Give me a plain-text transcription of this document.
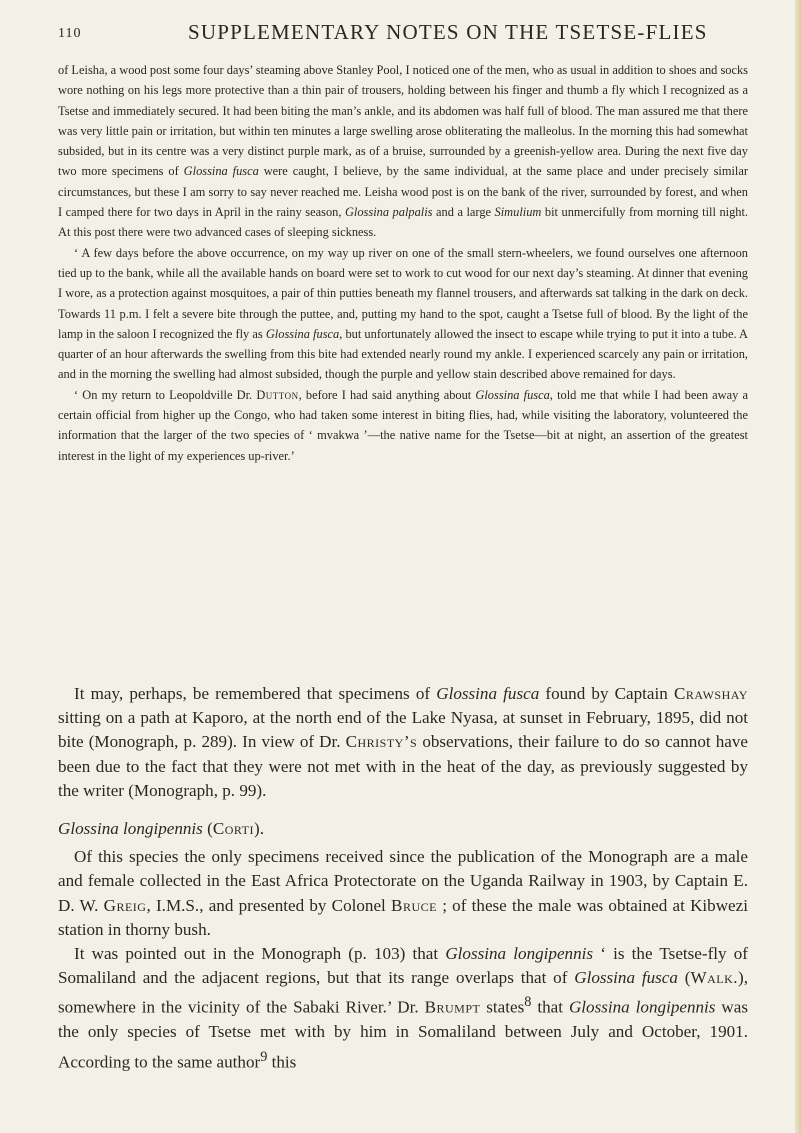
110	SUPPLEMENTARY NOTES ON THE TSETSE-FLIES

of Leisha, a wood post some four days’ steaming above Stanley Pool, I noticed one of the men, who as usual in addition to shoes and socks wore nothing on his legs more protective than a thin pair of trousers, holding between his finger and thumb a fly which I recognized as a Tsetse and immediately secured. It had been biting the man’s ankle, and its abdomen was half full of blood. The man assured me that there was very little pain or irritation, but within ten minutes a large swelling arose obliterating the malleolus. In the morning this had somewhat subsided, but in its centre was a very distinct purple mark, as of a bruise, surrounded by a greenish-yellow area. During the next five day two more specimens of Glossina fusca were caught, I believe, by the same individual, at the same place and under precisely similar circumstances, but these I am sorry to say never reached me. Leisha wood post is on the bank of the river, surrounded by forest, and when I camped there for two days in April in the rainy season, Glossina palpalis and a large Simulium bit unmercifully from morning till night. At this post there were two advanced cases of sleeping sickness.

‘ A few days before the above occurrence, on my way up river on one of the small stern-wheelers, we found ourselves one afternoon tied up to the bank, while all the available hands on board were set to work to cut wood for our next day’s steaming. At dinner that evening I wore, as a protection against mosquitoes, a pair of thin putties beneath my flannel trousers, and afterwards sat talking in the dark on deck. Towards 11 p.m. I felt a severe bite through the puttee, and, putting my hand to the spot, caught a Tsetse full of blood. By the light of the lamp in the saloon I recognized the fly as Glossina fusca, but unfortunately allowed the insect to escape while trying to put it into a tube. A quarter of an hour afterwards the swelling from this bite had extended nearly round my ankle. I experienced scarcely any pain or irritation, and in the morning the swelling had almost subsided, though the purple and yellow stain described above remained for days.

‘ On my return to Leopoldville Dr. Dutton, before I had said anything about Glossina fusca, told me that while I had been away a certain official from higher up the Congo, who had taken some interest in biting flies, had, while visiting the laboratory, volunteered the information that the larger of the two species of ‘ mvakwa ’—the native name for the Tsetse—bit at night, an assertion of the greatest interest in the light of my experiences up-river.’

It may, perhaps, be remembered that specimens of Glossina fusca found by Captain Crawshay sitting on a path at Kaporo, at the north end of the Lake Nyasa, at sunset in February, 1895, did not bite (Monograph, p. 289). In view of Dr. Christy’s observations, their failure to do so cannot have been due to the fact that they were not met with in the heat of the day, as previously suggested by the writer (Monograph, p. 99).

Glossina longipennis (Corti).

Of this species the only specimens received since the publication of the Monograph are a male and female collected in the East Africa Protectorate on the Uganda Railway in 1903, by Captain E. D. W. Greig, I.M.S., and presented by Colonel Bruce ; of these the male was obtained at Kibwezi station in thorny bush.

It was pointed out in the Monograph (p. 103) that Glossina longipennis ‘ is the Tsetse-fly of Somaliland and the adjacent regions, but that its range overlaps that of Glossina fusca (Walk.), somewhere in the vicinity of the Sabaki River.’ Dr. Brumpt states$^8$ that Glossina longipennis was the only species of Tsetse met with by him in Somaliland between July and October, 1901. According to the same author$^9$ this
